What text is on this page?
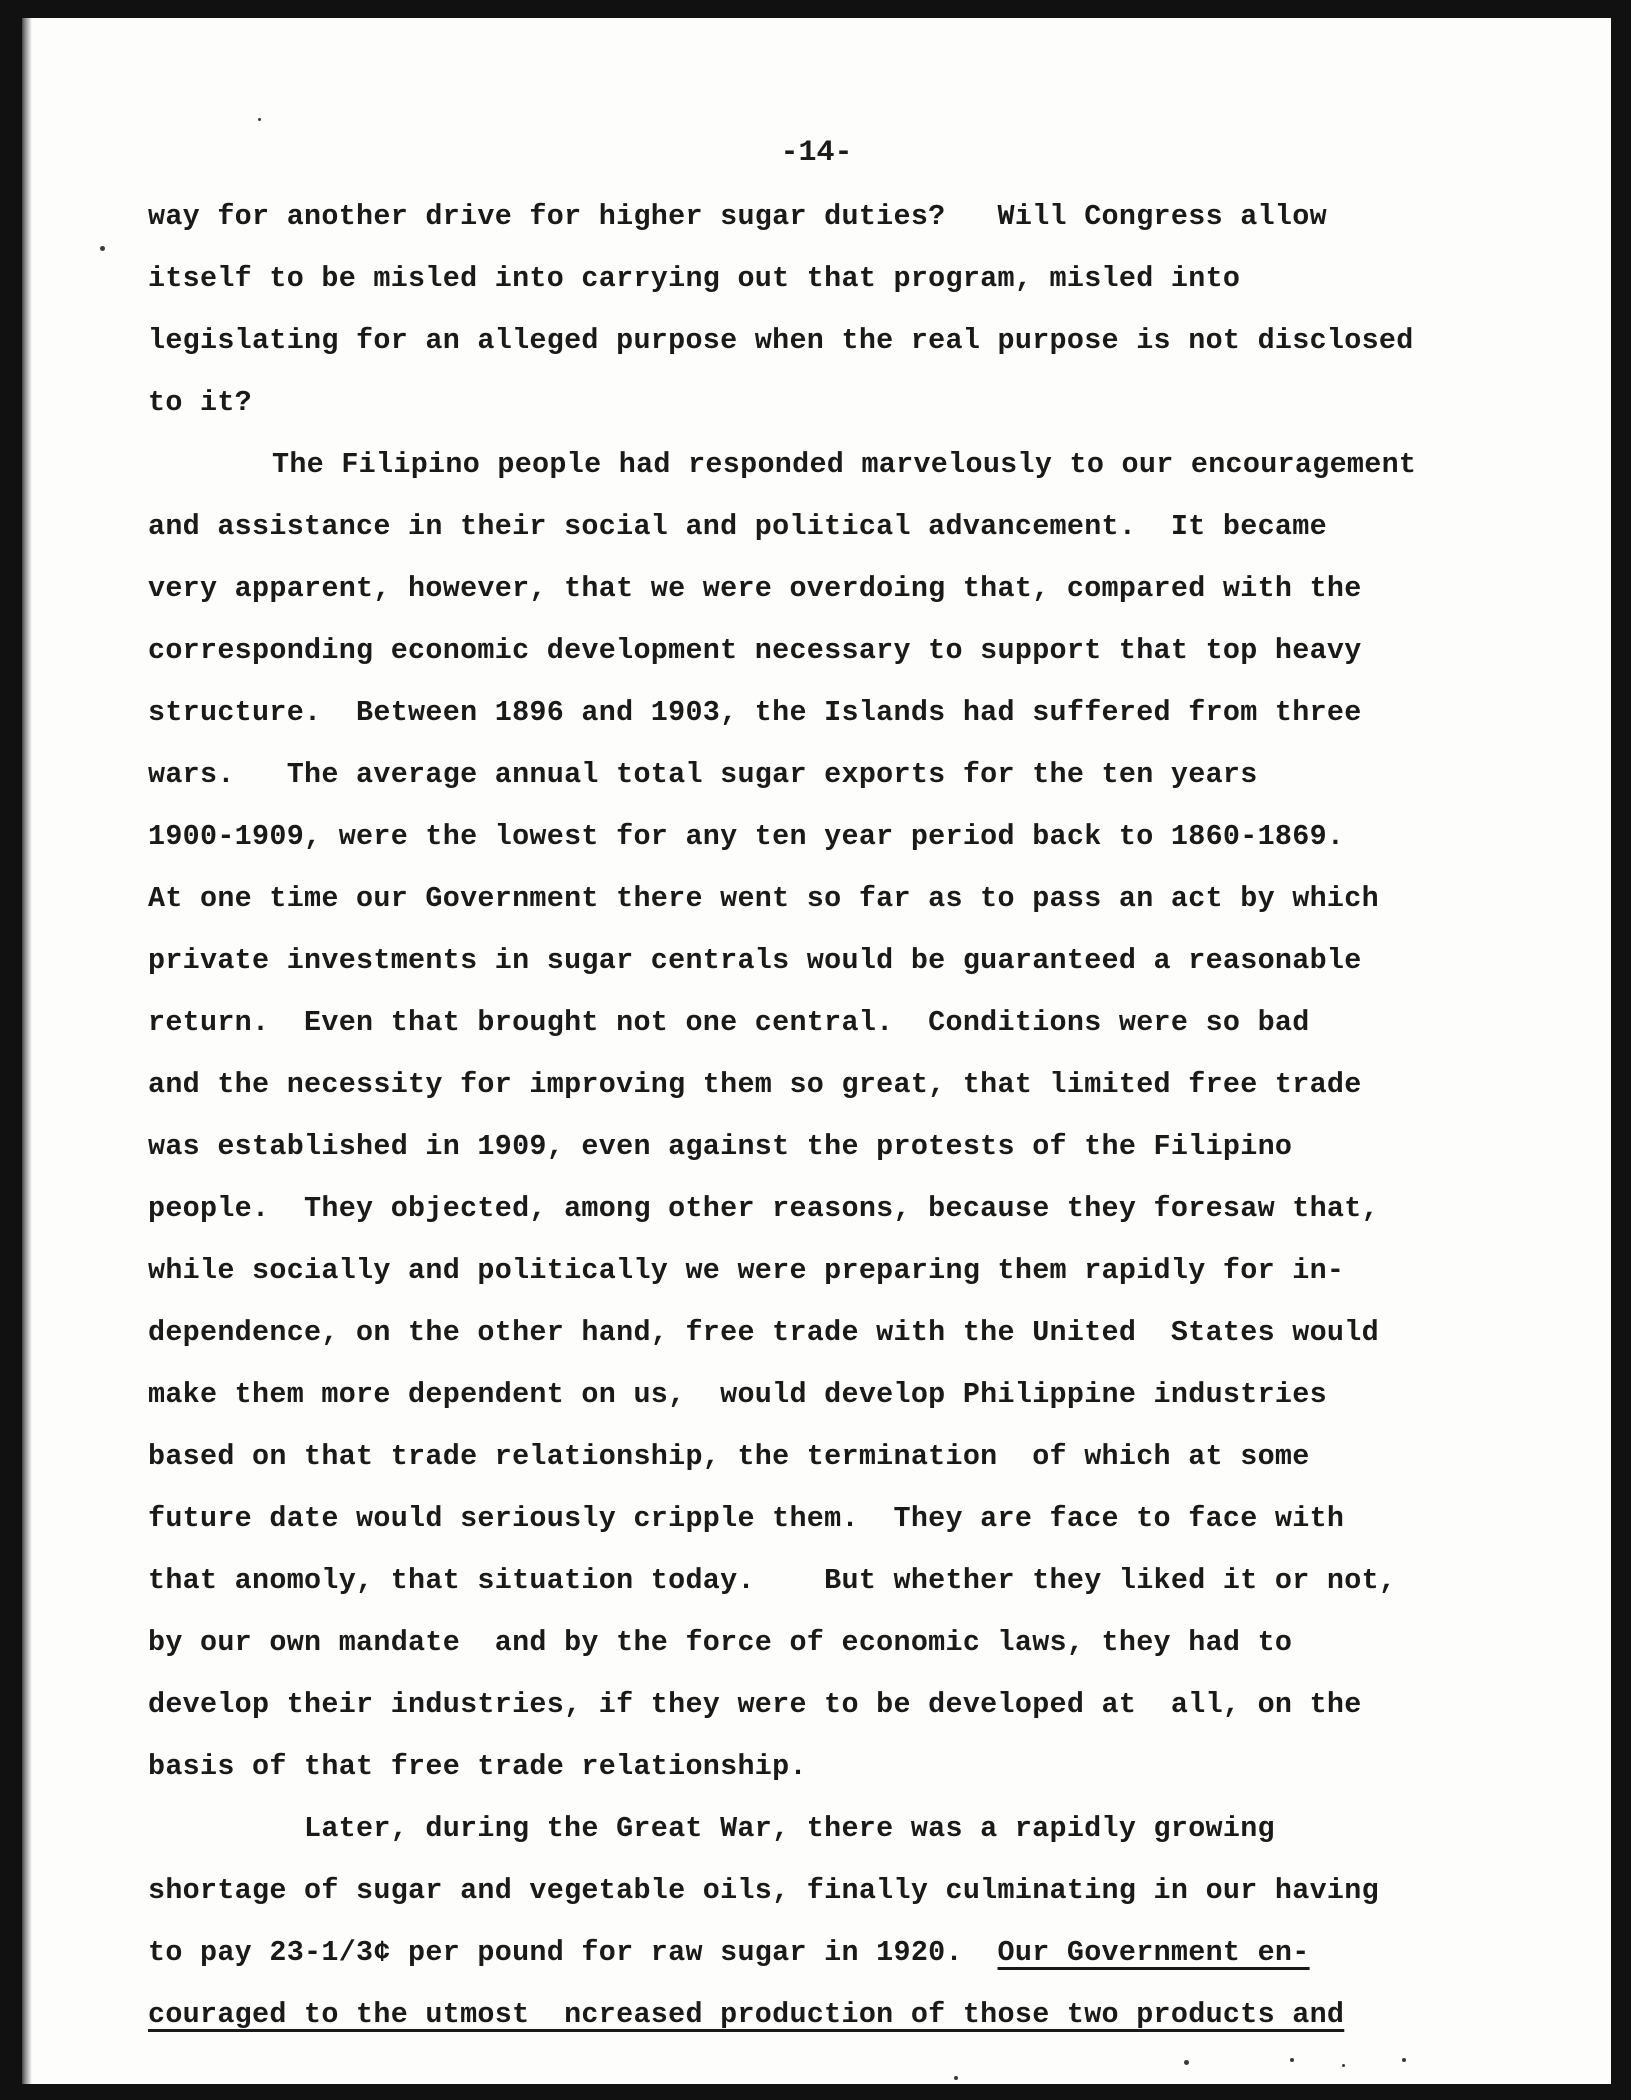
-14-
way for another drive for higher sugar duties?   Will Congress allow
itself to be misled into carrying out that program, misled into
legislating for an alleged purpose when the real purpose is not disclosed
to it?
The Filipino people had responded marvelously to our encouragement
and assistance in their social and political advancement.  It became
very apparent, however, that we were overdoing that, compared with the
corresponding economic development necessary to support that top heavy
structure.  Between 1896 and 1903, the Islands had suffered from three
wars.   The average annual total sugar exports for the ten years
1900-1909, were the lowest for any ten year period back to 1860-1869.
At one time our Government there went so far as to pass an act by which
private investments in sugar centrals would be guaranteed a reasonable
return.  Even that brought not one central.  Conditions were so bad
and the necessity for improving them so great, that limited free trade
was established in 1909, even against the protests of the Filipino
people.  They objected, among other reasons, because they foresaw that,
while socially and politically we were preparing them rapidly for in-
dependence, on the other hand, free trade with the United  States would
make them more dependent on us,  would develop Philippine industries
based on that trade relationship, the termination  of which at some
future date would seriously cripple them.  They are face to face with
that anomoly, that situation today.    But whether they liked it or not,
by our own mandate  and by the force of economic laws, they had to
develop their industries, if they were to be developed at  all, on the
basis of that free trade relationship.
Later, during the Great War, there was a rapidly growing
shortage of sugar and vegetable oils, finally culminating in our having
to pay 23-1/3¢ per pound for raw sugar in 1920.  Our Government en-
couraged to the utmost  ncreased production of those two products and
